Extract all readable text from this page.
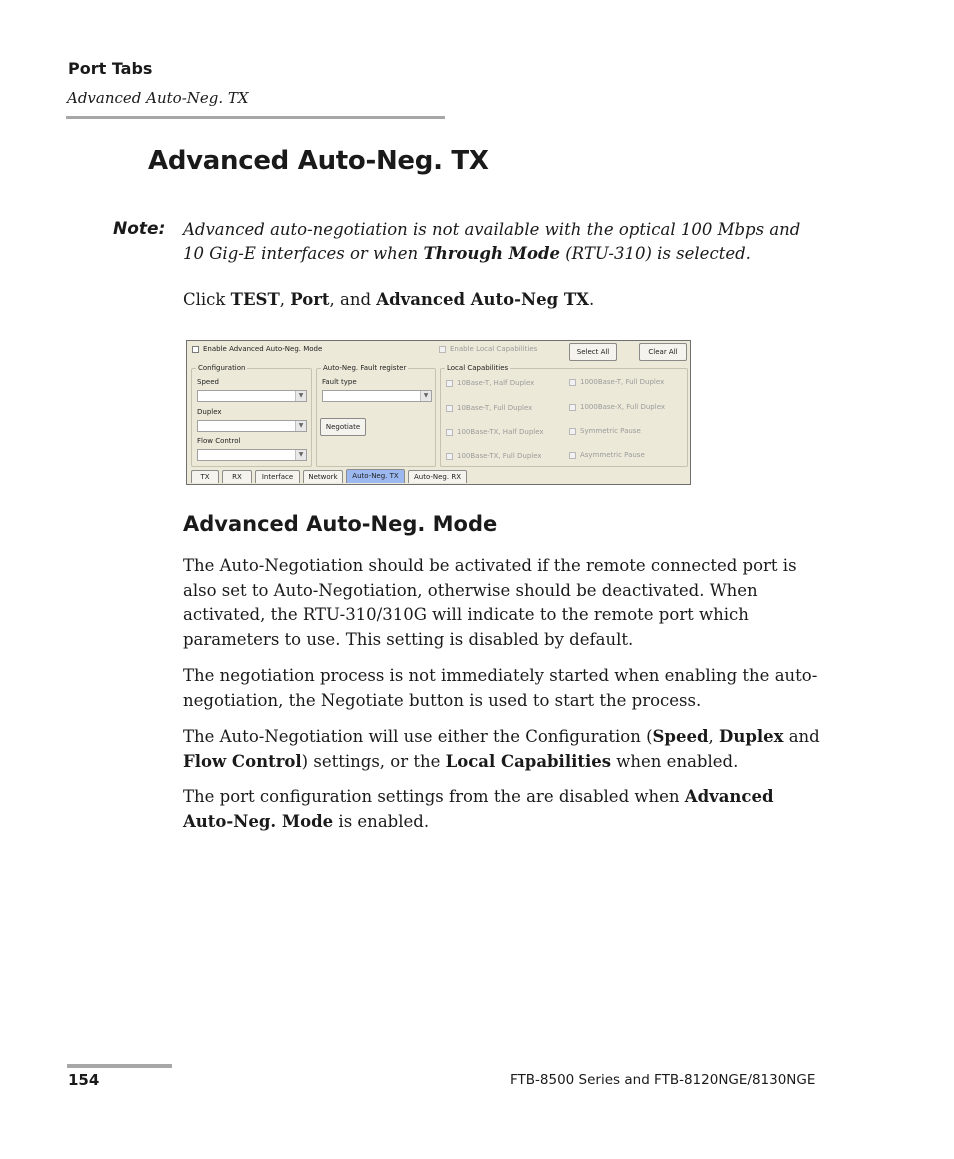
Port Tabs
Advanced Auto-Neg. TX
Advanced Auto-Neg. TX
Note: Advanced auto-negotiation is not available with the optical 100 Mbps and 10 Gig-E interfaces or when Through Mode (RTU-310) is selected.
Click TEST, Port, and Advanced Auto-Neg TX.
Enable Advanced Auto-Neg. Mode	Enable Local Capabilities	Select All	Clear All
Configuration
Speed
▼
Duplex
▼
Flow Control
▼
Auto-Neg. Fault register
Fault type
▼
Negotiate
Local Capabilities
10Base-T, Half Duplex	1000Base-T, Full Duplex
10Base-T, Full Duplex	1000Base-X, Full Duplex
100Base-TX, Half Duplex	Symmetric Pause
100Base-TX, Full Duplex	Asymmetric Pause
TX	RX	Interface	Network	Auto-Neg. TX	Auto-Neg. RX
Advanced Auto-Neg. Mode
The Auto-Negotiation should be activated if the remote connected port is also set to Auto-Negotiation, otherwise should be deactivated. When activated, the RTU-310/310G will indicate to the remote port which parameters to use. This setting is disabled by default.
The negotiation process is not immediately started when enabling the auto-negotiation, the Negotiate button is used to start the process.
The Auto-Negotiation will use either the Configuration (Speed, Duplex and Flow Control) settings, or the Local Capabilities when enabled.
The port configuration settings from the are disabled when Advanced Auto-Neg. Mode is enabled.
154	FTB-8500 Series and FTB-8120NGE/8130NGE
